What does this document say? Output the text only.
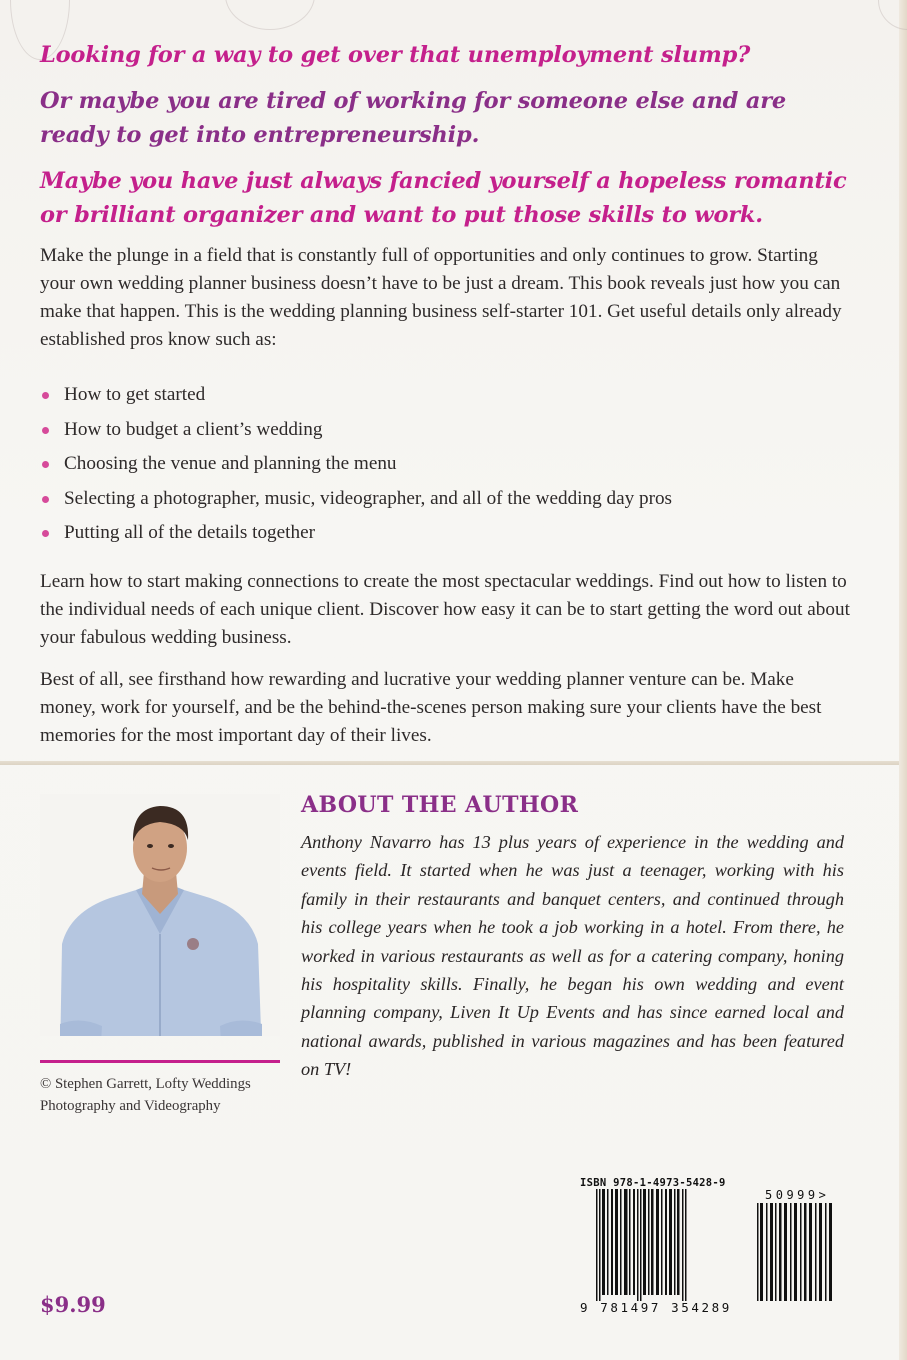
Looking for a way to get over that unemployment slump?
Or maybe you are tired of working for someone else and are ready to get into entrepreneurship.
Maybe you have just always fancied yourself a hopeless romantic or brilliant organizer and want to put those skills to work.
Make the plunge in a field that is constantly full of opportunities and only continues to grow. Starting your own wedding planner business doesn’t have to be just a dream. This book reveals just how you can make that happen. This is the wedding planning business self-starter 101. Get useful details only already established pros know such as:
How to get started
How to budget a client’s wedding
Choosing the venue and planning the menu
Selecting a photographer, music, videographer, and all of the wedding day pros
Putting all of the details together
Learn how to start making connections to create the most spectacular weddings. Find out how to listen to the individual needs of each unique client. Discover how easy it can be to start getting the word out about your fabulous wedding business.
Best of all, see firsthand how rewarding and lucrative your wedding planner venture can be. Make money, work for yourself, and be the behind-the-scenes person making sure your clients have the best memories for the most important day of their lives.
© Stephen Garrett, Lofty Weddings
Photography and Videography
ABOUT THE AUTHOR
Anthony Navarro has 13 plus years of experience in the wedding and events field. It started when he was just a teenager, working with his family in their restaurants and banquet centers, and continued through his college years when he took a job working in a hotel. From there, he worked in various restaurants as well as for a catering company, honing his hospitality skills. Finally, he began his own wedding and event planning company, Liven It Up Events and has since earned local and national awards, published in various magazines and has been featured on TV!
ISBN 978-1-4973-5428-9
50999>
9 781497 354289
$9.99
